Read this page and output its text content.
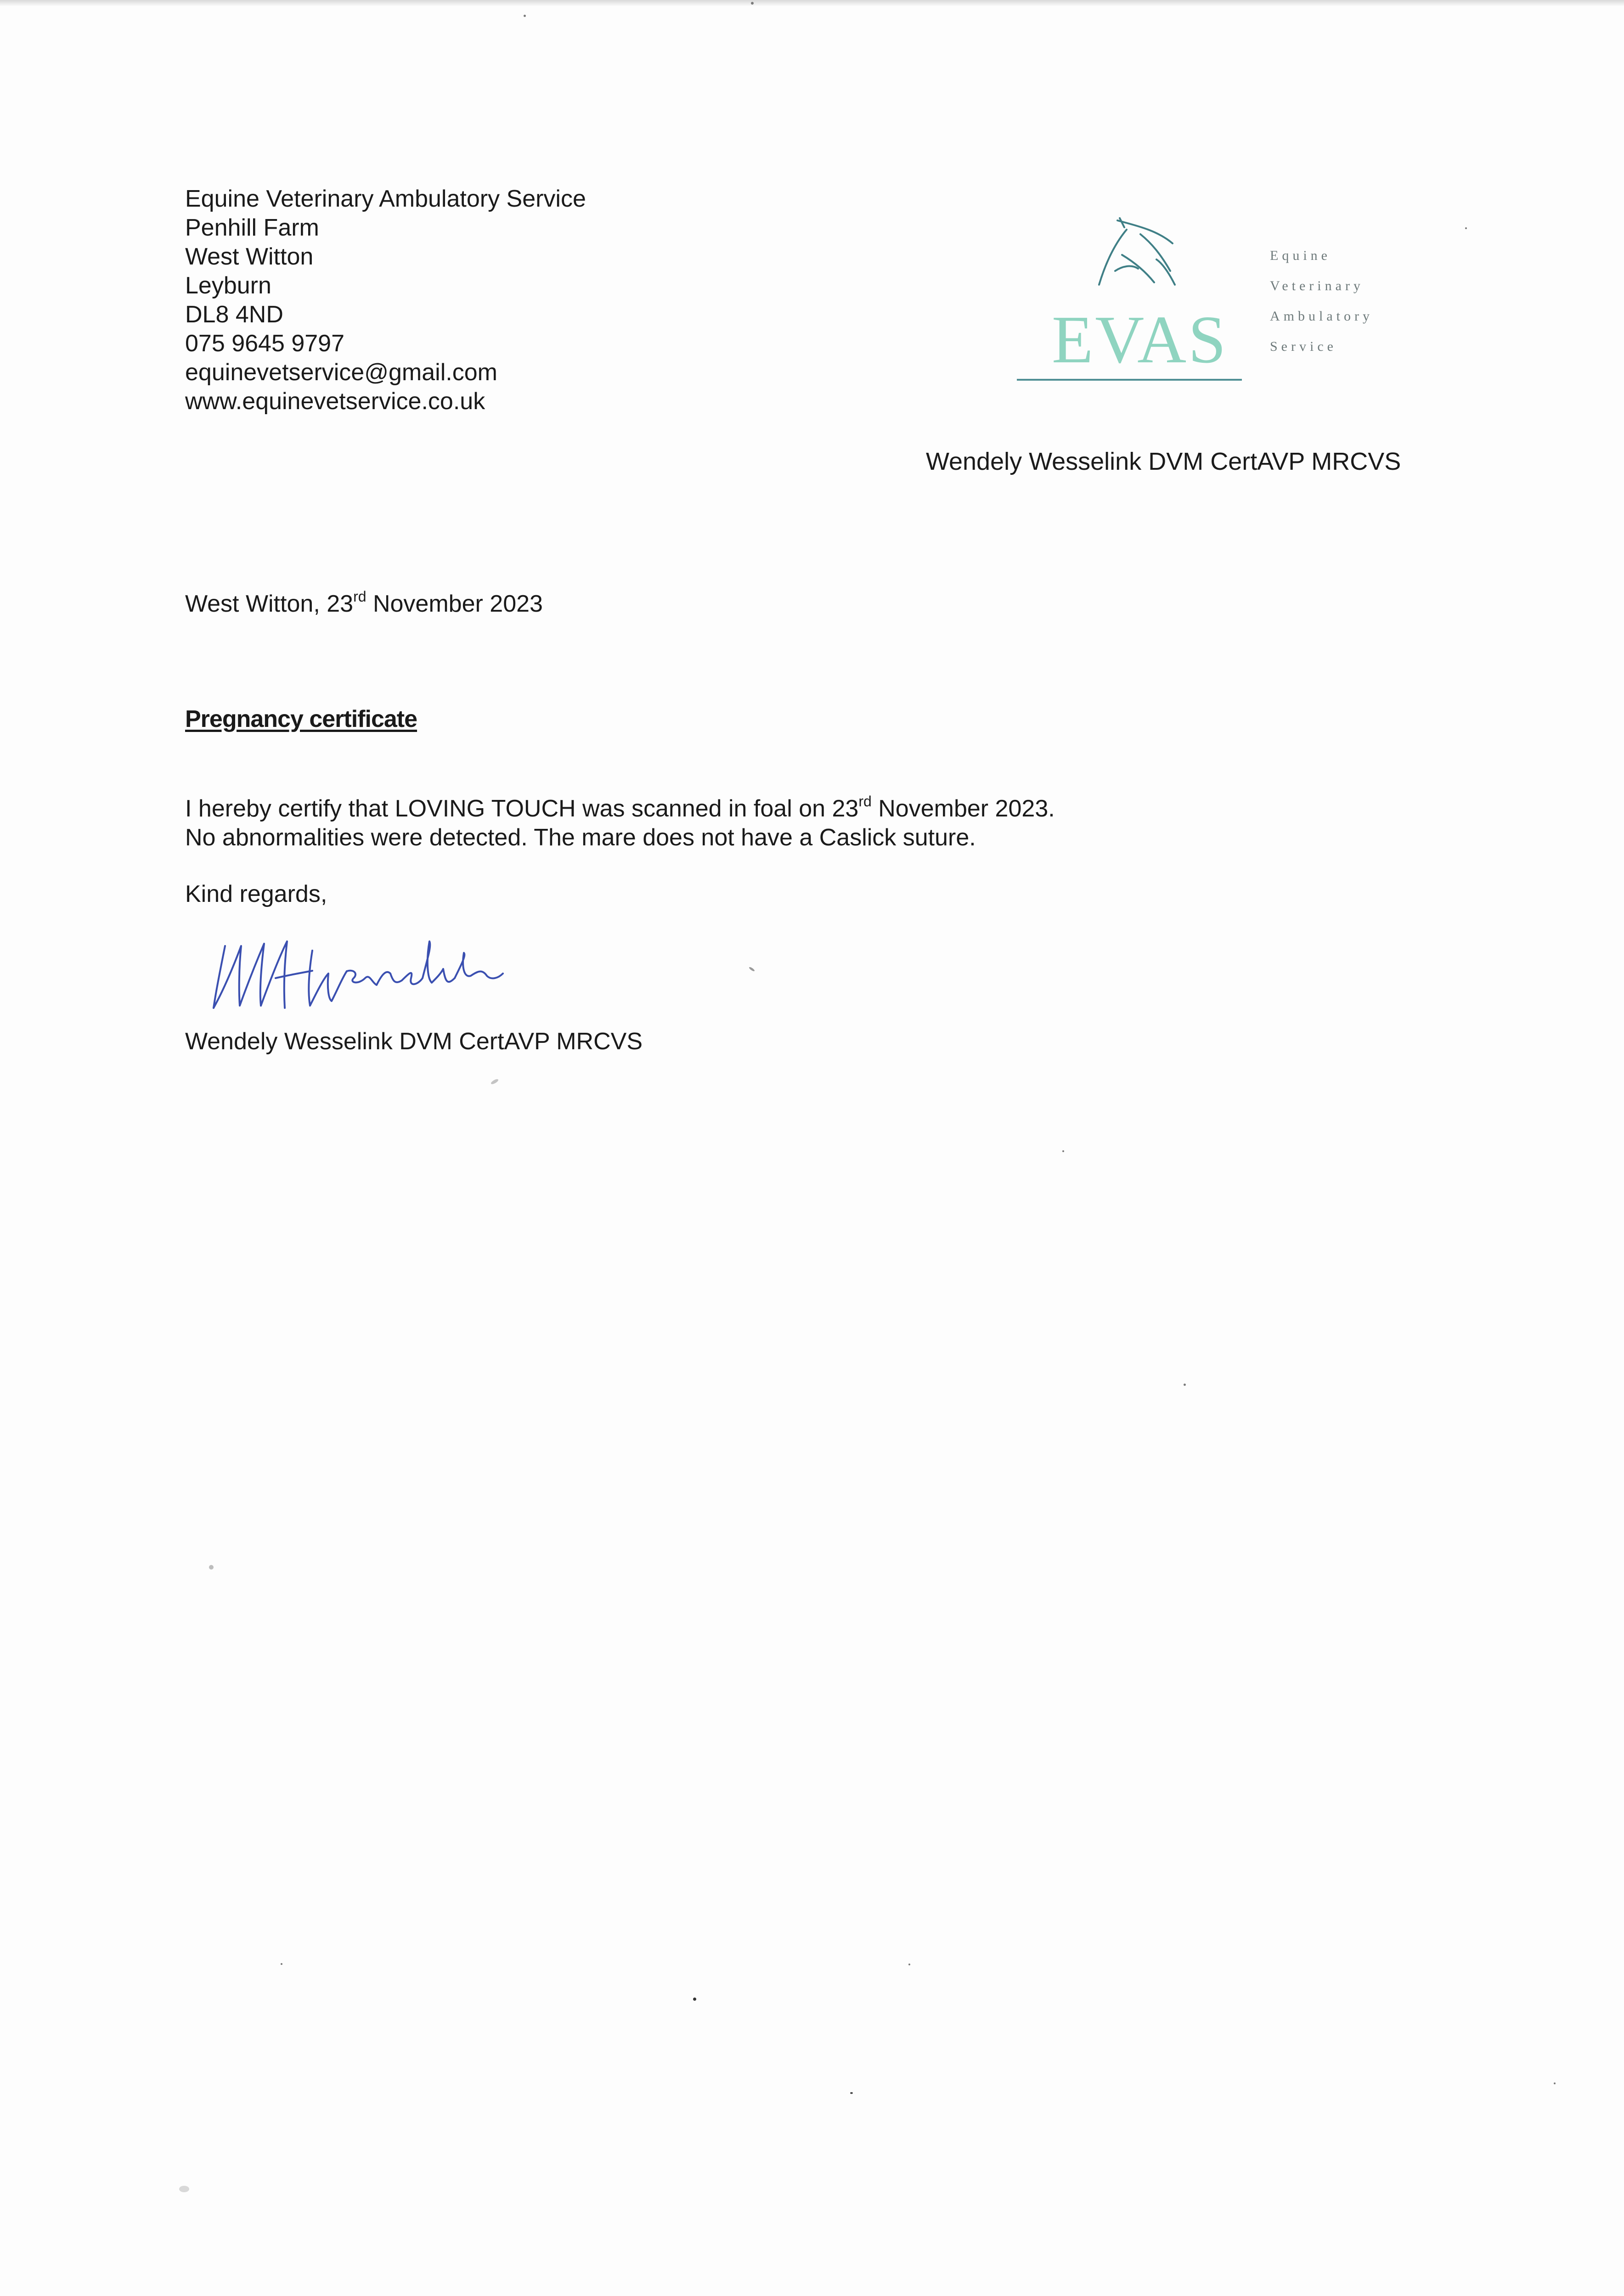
Equine Veterinary Ambulatory Service
Penhill Farm
West Witton
Leyburn
DL8 4ND
075 9645 9797
equinevetservice@gmail.com
www.equinevetservice.co.uk
EVAS
Equine
Veterinary
Ambulatory
Service
Wendely Wesselink DVM CertAVP MRCVS
West Witton, 23rd November 2023
Pregnancy certificate
I hereby certify that LOVING TOUCH was scanned in foal on 23rd November 2023.
No abnormalities were detected. The mare does not have a Caslick suture.
Kind regards,
Wendely Wesselink DVM CertAVP MRCVS
